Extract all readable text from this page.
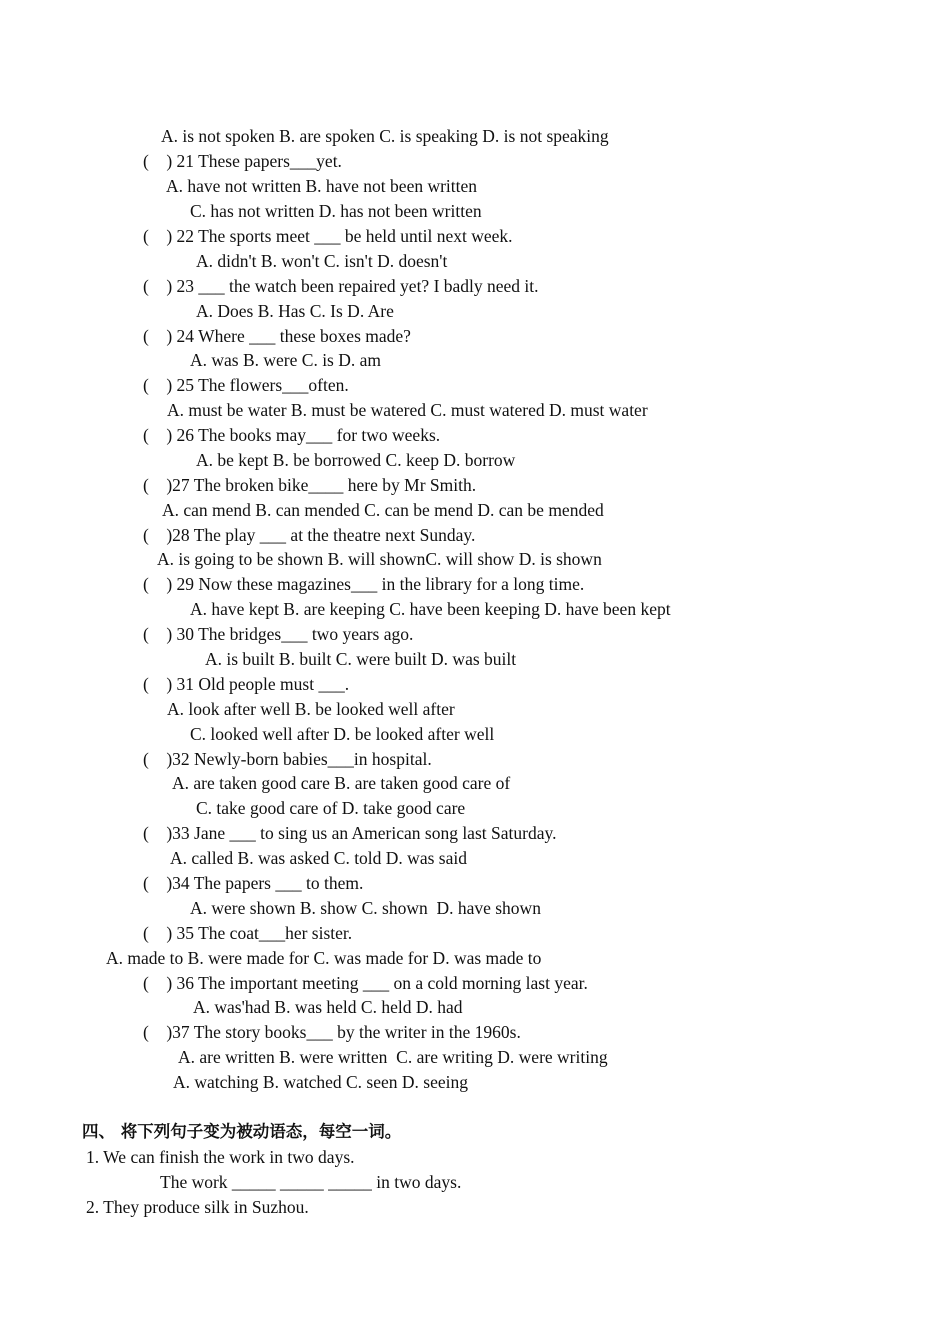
A. is not spoken B. are spoken C. is speaking D. is not speaking
(    ) 21 These papers___yet.
A. have not written B. have not been written
C. has not written D. has not been written
(    ) 22 The sports meet ___ be held until next week.
A. didn't B. won't C. isn't D. doesn't
(    ) 23 ___ the watch been repaired yet? I badly need it.
A. Does B. Has C. Is D. Are
(    ) 24 Where ___ these boxes made?
A. was B. were C. is D. am
(    ) 25 The flowers___often.
A. must be water B. must be watered C. must watered D. must water
(    ) 26 The books may___ for two weeks.
A. be kept B. be borrowed C. keep D. borrow
(    )27 The broken bike____ here by Mr Smith.
A. can mend B. can mended C. can be mend D. can be mended
(    )28 The play ___ at the theatre next Sunday.
A. is going to be shown B. will shownC. will show D. is shown
(    ) 29 Now these magazines___ in the library for a long time.
A. have kept B. are keeping C. have been keeping D. have been kept
(    ) 30 The bridges___ two years ago.
A. is built B. built C. were built D. was built
(    ) 31 Old people must ___.
A. look after well B. be looked well after
C. looked well after D. be looked after well
(    )32 Newly-born babies___in hospital.
A. are taken good care B. are taken good care of
C. take good care of D. take good care
(    )33 Jane ___ to sing us an American song last Saturday.
A. called B. was asked C. told D. was said
(    )34 The papers ___ to them.
A. were shown B. show C. shown  D. have shown
(    ) 35 The coat___her sister.
A. made to B. were made for C. was made for D. was made to
(    ) 36 The important meeting ___ on a cold morning last year.
A. was'had B. was held C. held D. had
(    )37 The story books___ by the writer in the 1960s.
A. are written B. were written  C. are writing D. were writing
A. watching B. watched C. seen D. seeing
四、 将下列句子变为被动语态，每空一词。
1. We can finish the work in two days.
The work _____ _____ _____ in two days.
2. They produce silk in Suzhou.
